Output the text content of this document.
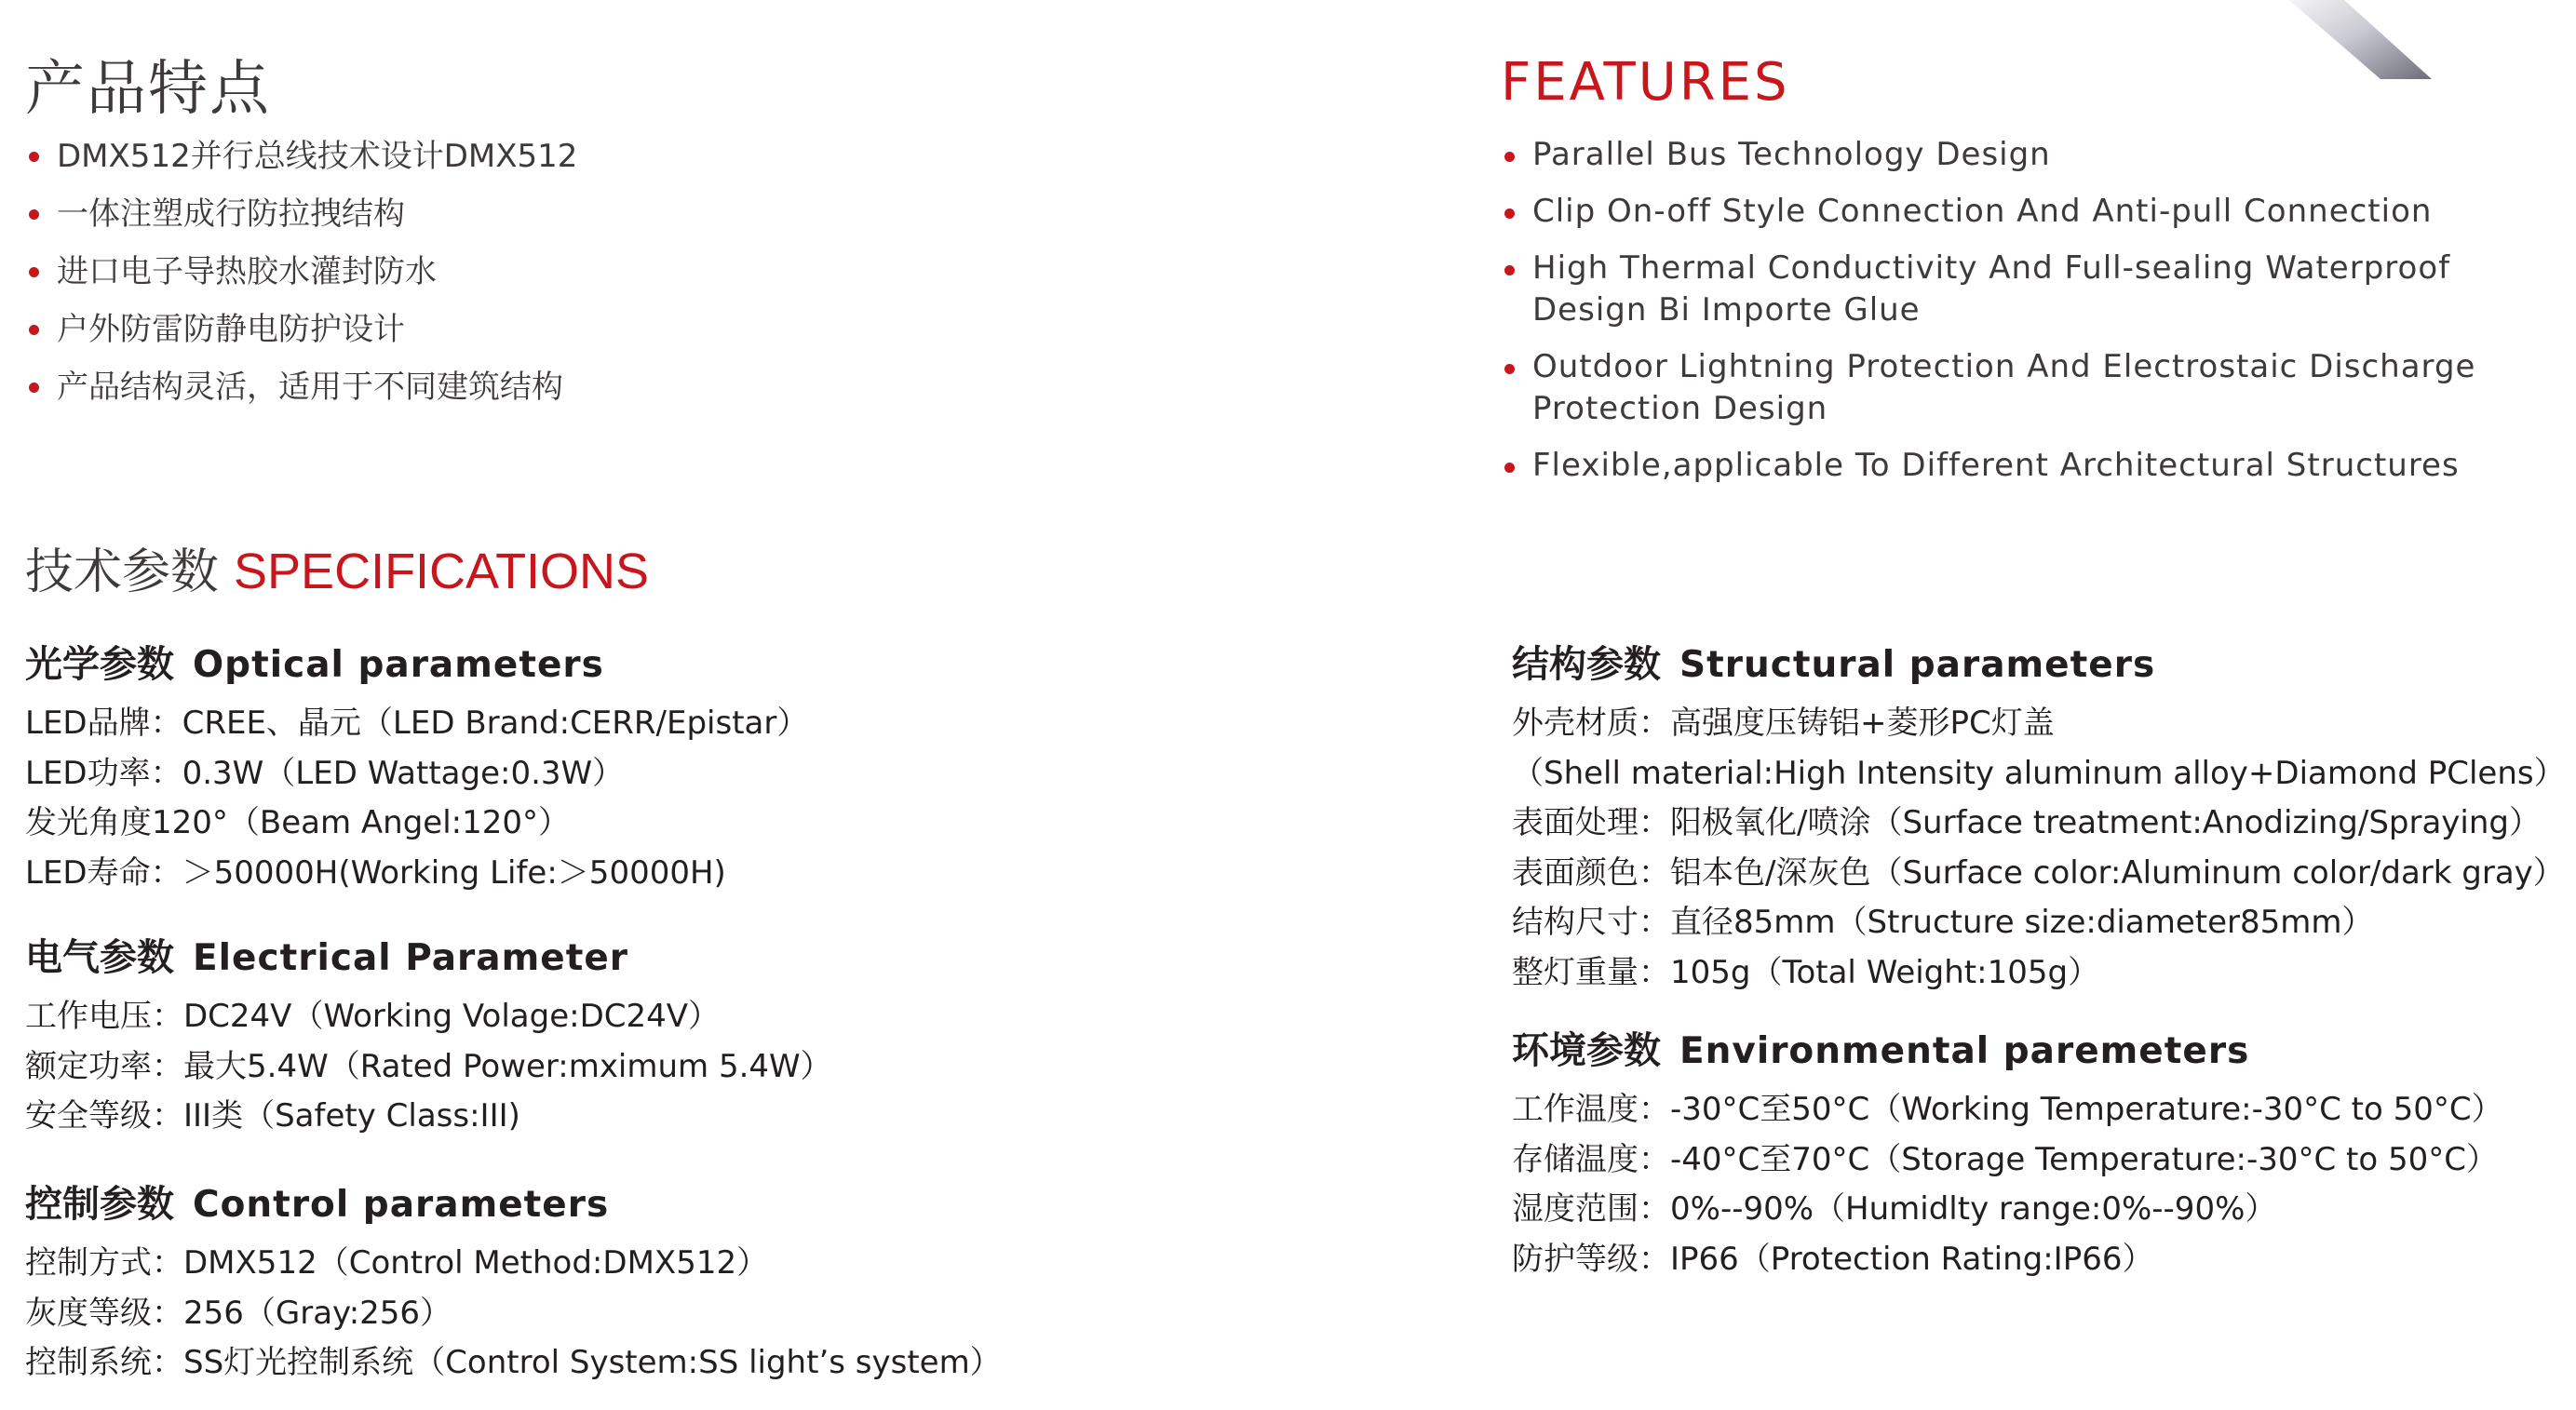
产品特点	FEATURES
DMX512并行总线技术设计DMX512
一体注塑成行防拉拽结构
进口电子导热胶水灌封防水
户外防雷防静电防护设计
产品结构灵活，适用于不同建筑结构
Parallel Bus Technology Design
Clip On-off Style Connection And Anti-pull Connection
High Thermal Conductivity And Full-sealing Waterproof Design Bi Importe Glue
Outdoor Lightning Protection And Electrostaic Discharge Protection Design
Flexible,applicable To Different Architectural Structures
技术参数 SPECIFICATIONS
光学参数 Optical parameters
LED品牌：CREE、晶元（LED Brand:CERR/Epistar）
LED功率：0.3W（LED Wattage:0.3W）
发光角度120°（Beam Angel:120°）
LED寿命：＞50000H(Working Life:＞50000H)
电气参数 Electrical Parameter
工作电压：DC24V（Working Volage:DC24V）
额定功率：最大5.4W（Rated Power:mximum 5.4W）
安全等级：III类（Safety Class:III)
控制参数 Control parameters
控制方式：DMX512（Control Method:DMX512）
灰度等级：256（Gray:256）
控制系统：SS灯光控制系统（Control System:SS light’s system）
结构参数 Structural parameters
外壳材质：高强度压铸铝+菱形PC灯盖
（Shell material:High Intensity aluminum alloy+Diamond PClens）
表面处理：阳极氧化/喷涂（Surface treatment:Anodizing/Spraying）
表面颜色：铝本色/深灰色（Surface color:Aluminum color/dark gray）
结构尺寸：直径85mm（Structure size:diameter85mm）
整灯重量：105g（Total Weight:105g）
环境参数 Environmental paremeters
工作温度：-30°C至50°C（Working Temperature:-30°C to 50°C）
存储温度：-40°C至70°C（Storage Temperature:-30°C to 50°C）
湿度范围：0%--90%（Humidlty range:0%--90%）
防护等级：IP66（Protection Rating:IP66）
